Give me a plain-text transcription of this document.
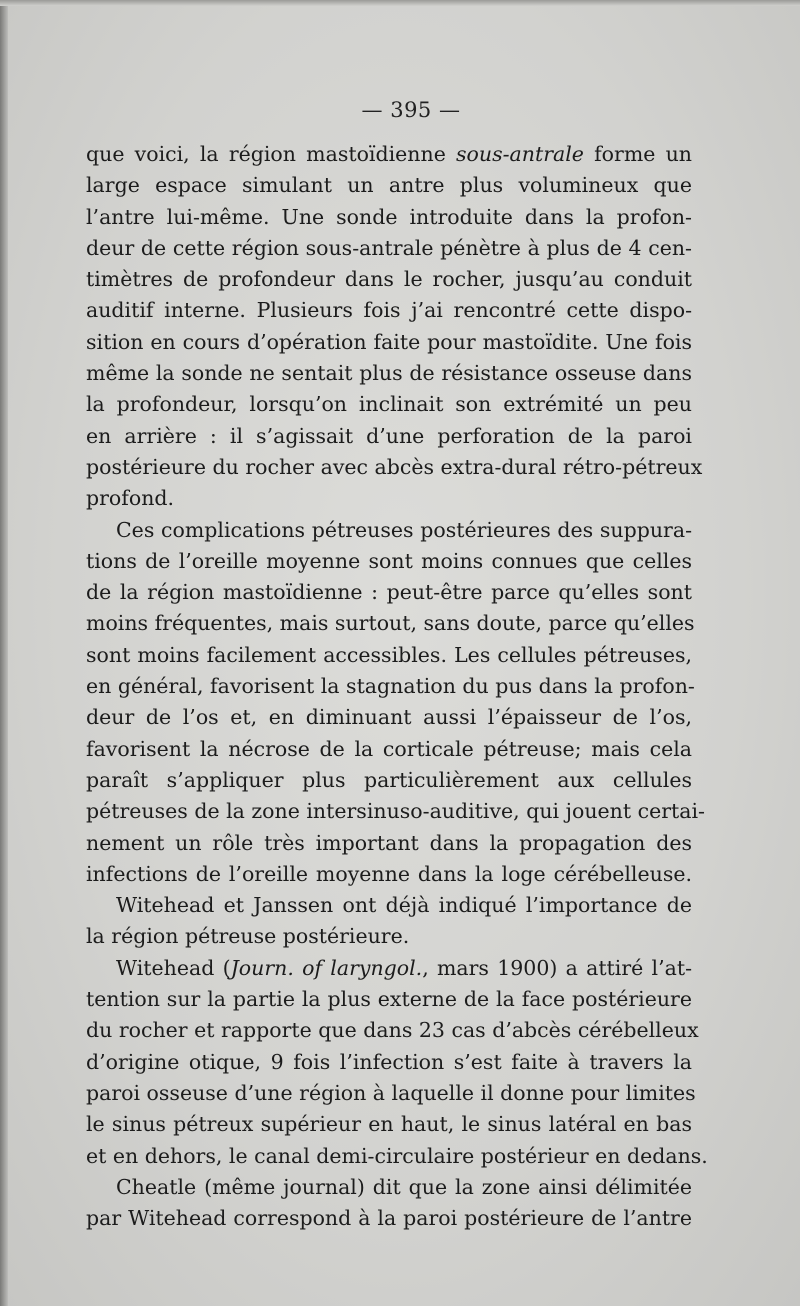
— 395 —
que voici, la région mastoïdienne sous-antrale forme un
large espace simulant un antre plus volumineux que
l’antre lui-même. Une sonde introduite dans la profon-
deur de cette région sous-antrale pénètre à plus de 4 cen-
timètres de profondeur dans le rocher, jusqu’au conduit
auditif interne. Plusieurs fois j’ai rencontré cette dispo-
sition en cours d’opération faite pour mastoïdite. Une fois
même la sonde ne sentait plus de résistance osseuse dans
la profondeur, lorsqu’on inclinait son extrémité un peu
en arrière : il s’agissait d’une perforation de la paroi
postérieure du rocher avec abcès extra-dural rétro-pétreux
profond.
Ces complications pétreuses postérieures des suppura-
tions de l’oreille moyenne sont moins connues que celles
de la région mastoïdienne : peut-être parce qu’elles sont
moins fréquentes, mais surtout, sans doute, parce qu’elles
sont moins facilement accessibles. Les cellules pétreuses,
en général, favorisent la stagnation du pus dans la profon-
deur de l’os et, en diminuant aussi l’épaisseur de l’os,
favorisent la nécrose de la corticale pétreuse; mais cela
paraît s’appliquer plus particulièrement aux cellules
pétreuses de la zone intersinuso-auditive, qui jouent certai-
nement un rôle très important dans la propagation des
infections de l’oreille moyenne dans la loge cérébelleuse.
Witehead et Janssen ont déjà indiqué l’importance de
la région pétreuse postérieure.
Witehead (Journ. of laryngol., mars 1900) a attiré l’at-
tention sur la partie la plus externe de la face postérieure
du rocher et rapporte que dans 23 cas d’abcès cérébelleux
d’origine otique, 9 fois l’infection s’est faite à travers la
paroi osseuse d’une région à laquelle il donne pour limites
le sinus pétreux supérieur en haut, le sinus latéral en bas
et en dehors, le canal demi-circulaire postérieur en dedans.
Cheatle (même journal) dit que la zone ainsi délimitée
par Witehead correspond à la paroi postérieure de l’antre
